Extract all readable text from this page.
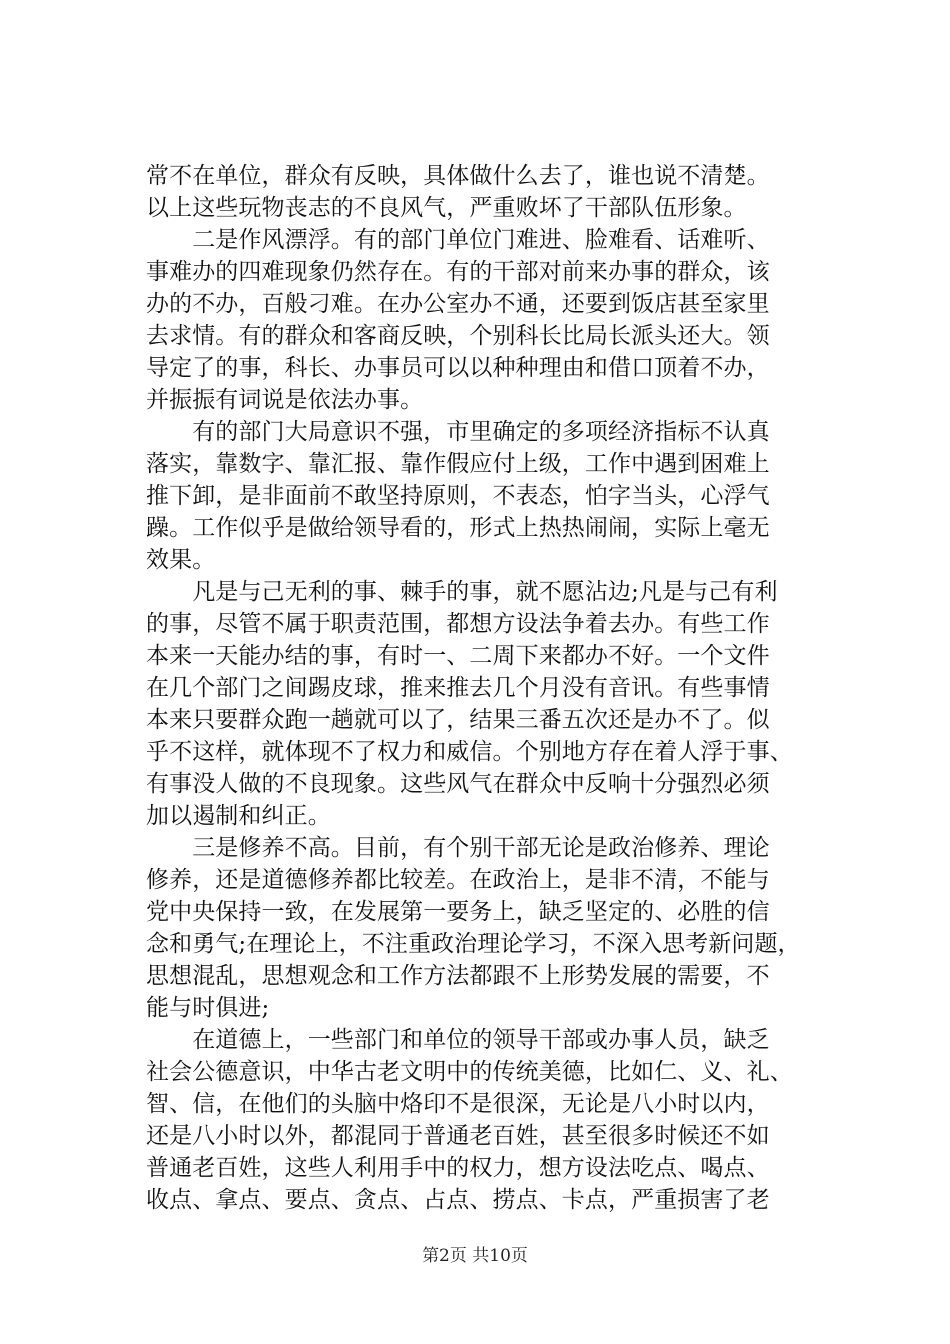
常不在单位，群众有反映，具体做什么去了，谁也说不清楚。
以上这些玩物丧志的不良风气，严重败坏了干部队伍形象。
　　二是作风漂浮。有的部门单位门难进、脸难看、话难听、
事难办的四难现象仍然存在。有的干部对前来办事的群众，该
办的不办，百般刁难。在办公室办不通，还要到饭店甚至家里
去求情。有的群众和客商反映，个别科长比局长派头还大。领
导定了的事，科长、办事员可以以种种理由和借口顶着不办，
并振振有词说是依法办事。
　　有的部门大局意识不强，市里确定的多项经济指标不认真
落实，靠数字、靠汇报、靠作假应付上级，工作中遇到困难上
推下卸，是非面前不敢坚持原则，不表态，怕字当头，心浮气
躁。工作似乎是做给领导看的，形式上热热闹闹，实际上毫无
效果。
　　凡是与己无利的事、棘手的事，就不愿沾边;凡是与己有利
的事，尽管不属于职责范围，都想方设法争着去办。有些工作
本来一天能办结的事，有时一、二周下来都办不好。一个文件
在几个部门之间踢皮球，推来推去几个月没有音讯。有些事情
本来只要群众跑一趟就可以了，结果三番五次还是办不了。似
乎不这样，就体现不了权力和威信。个别地方存在着人浮于事、
有事没人做的不良现象。这些风气在群众中反响十分强烈必须
加以遏制和纠正。
　　三是修养不高。目前，有个别干部无论是政治修养、理论
修养，还是道德修养都比较差。在政治上，是非不清，不能与
党中央保持一致，在发展第一要务上，缺乏坚定的、必胜的信
念和勇气;在理论上，不注重政治理论学习，不深入思考新问题，
思想混乱，思想观念和工作方法都跟不上形势发展的需要，不
能与时俱进;
　　在道德上，一些部门和单位的领导干部或办事人员，缺乏
社会公德意识，中华古老文明中的传统美德，比如仁、义、礼、
智、信，在他们的头脑中烙印不是很深，无论是八小时以内，
还是八小时以外，都混同于普通老百姓，甚至很多时候还不如
普通老百姓，这些人利用手中的权力，想方设法吃点、喝点、
收点、拿点、要点、贪点、占点、捞点、卡点，严重损害了老
第2页 共10页
